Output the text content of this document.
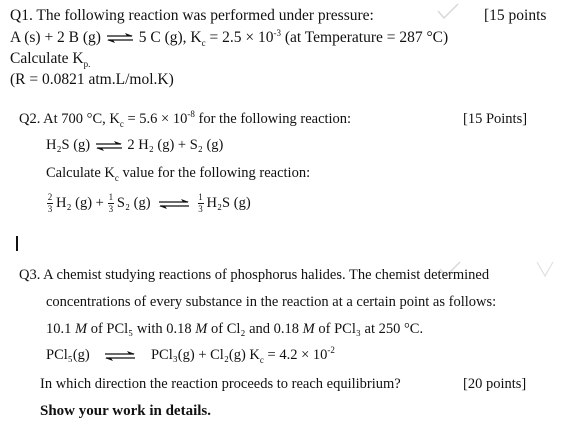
Q1. The following reaction was performed under pressure:	[15 points
A (s) + 2 B (g) ⇌ 5 C (g), $K_c = 2.5 \times 10^{-3}$ (at Temperature = 287 °C)
Calculate $K_{p.}$
(R = 0.0821 atm.L/mol.K)
Q2. At 700 °C, $K_c = 5.6 \times 10^{-8}$ for the following reaction:	[15 Points]
H₂S (g) ⇌ 2 H₂ (g) + S₂ (g)
Calculate $K_c$ value for the following reaction:
$\frac{2}{3} H_2$ $(g) + \frac{1}{3} S_2$ (g) ⇌ $\frac{1}{3} H_2S$ (g)
Q3. A chemist studying reactions of phosphorus halides. The chemist determined
concentrations of every substance in the reaction at a certain point as follows:
10.1 M of PCl₅ with 0.18 M of Cl₂ and 0.18 M of PCl₃ at 250 °C.
PCl₅(g) ⇌ PCl₃(g) + Cl₂(g) $K_c = 4.2 \times 10^{-2}$
In which direction the reaction proceeds to reach equilibrium?	[20 points]
Show your work in details.
